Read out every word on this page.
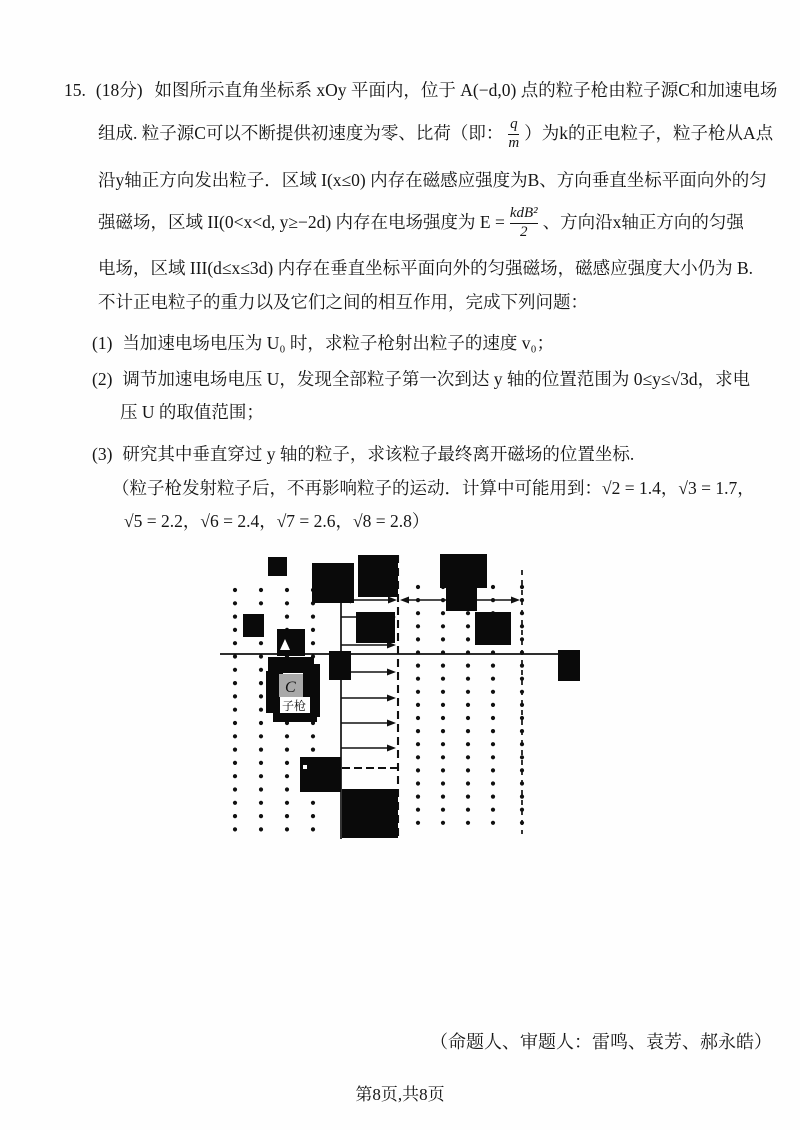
15. (18分) 如图所示直角坐标系 xOy 平面内，位于 A(−d,0) 点的粒子枪由粒子源C和加速电场
组成. 粒子源C可以不断提供初速度为零、比荷（即： $\frac{q}{m}$ ）为k的正电粒子，粒子枪从A点
沿y轴正方向发出粒子．区域 I(x≤0) 内存在磁感应强度为B、方向垂直坐标平面向外的匀
强磁场，区域 II(0<x<d, y≥−2d) 内存在电场强度为 $E = \frac{\text{kdB²}}{2}$ 、方向沿x轴正方向的匀强
电场，区域 III(d≤x≤3d) 内存在垂直坐标平面向外的匀强磁场，磁感应强度大小仍为 B.
不计正电粒子的重力以及它们之间的相互作用，完成下列问题：
(1) 当加速电场电压为 U₀ 时，求粒子枪射出粒子的速度 v₀；
(2) 调节加速电场电压 U，发现全部粒子第一次到达 y 轴的位置范围为 0≤y≤√3d，求电
压 U 的取值范围；
(3) 研究其中垂直穿过 y 轴的粒子，求该粒子最终离开磁场的位置坐标.
（粒子枪发射粒子后，不再影响粒子的运动．计算中可能用到：√2 = 1.4，√3 = 1.7，
√5 = 2.2，√6 = 2.4，√7 = 2.6，√8 = 2.8）
C
子枪
（命题人、审题人：雷鸣、袁芳、郝永皓）
第8页,共8页
